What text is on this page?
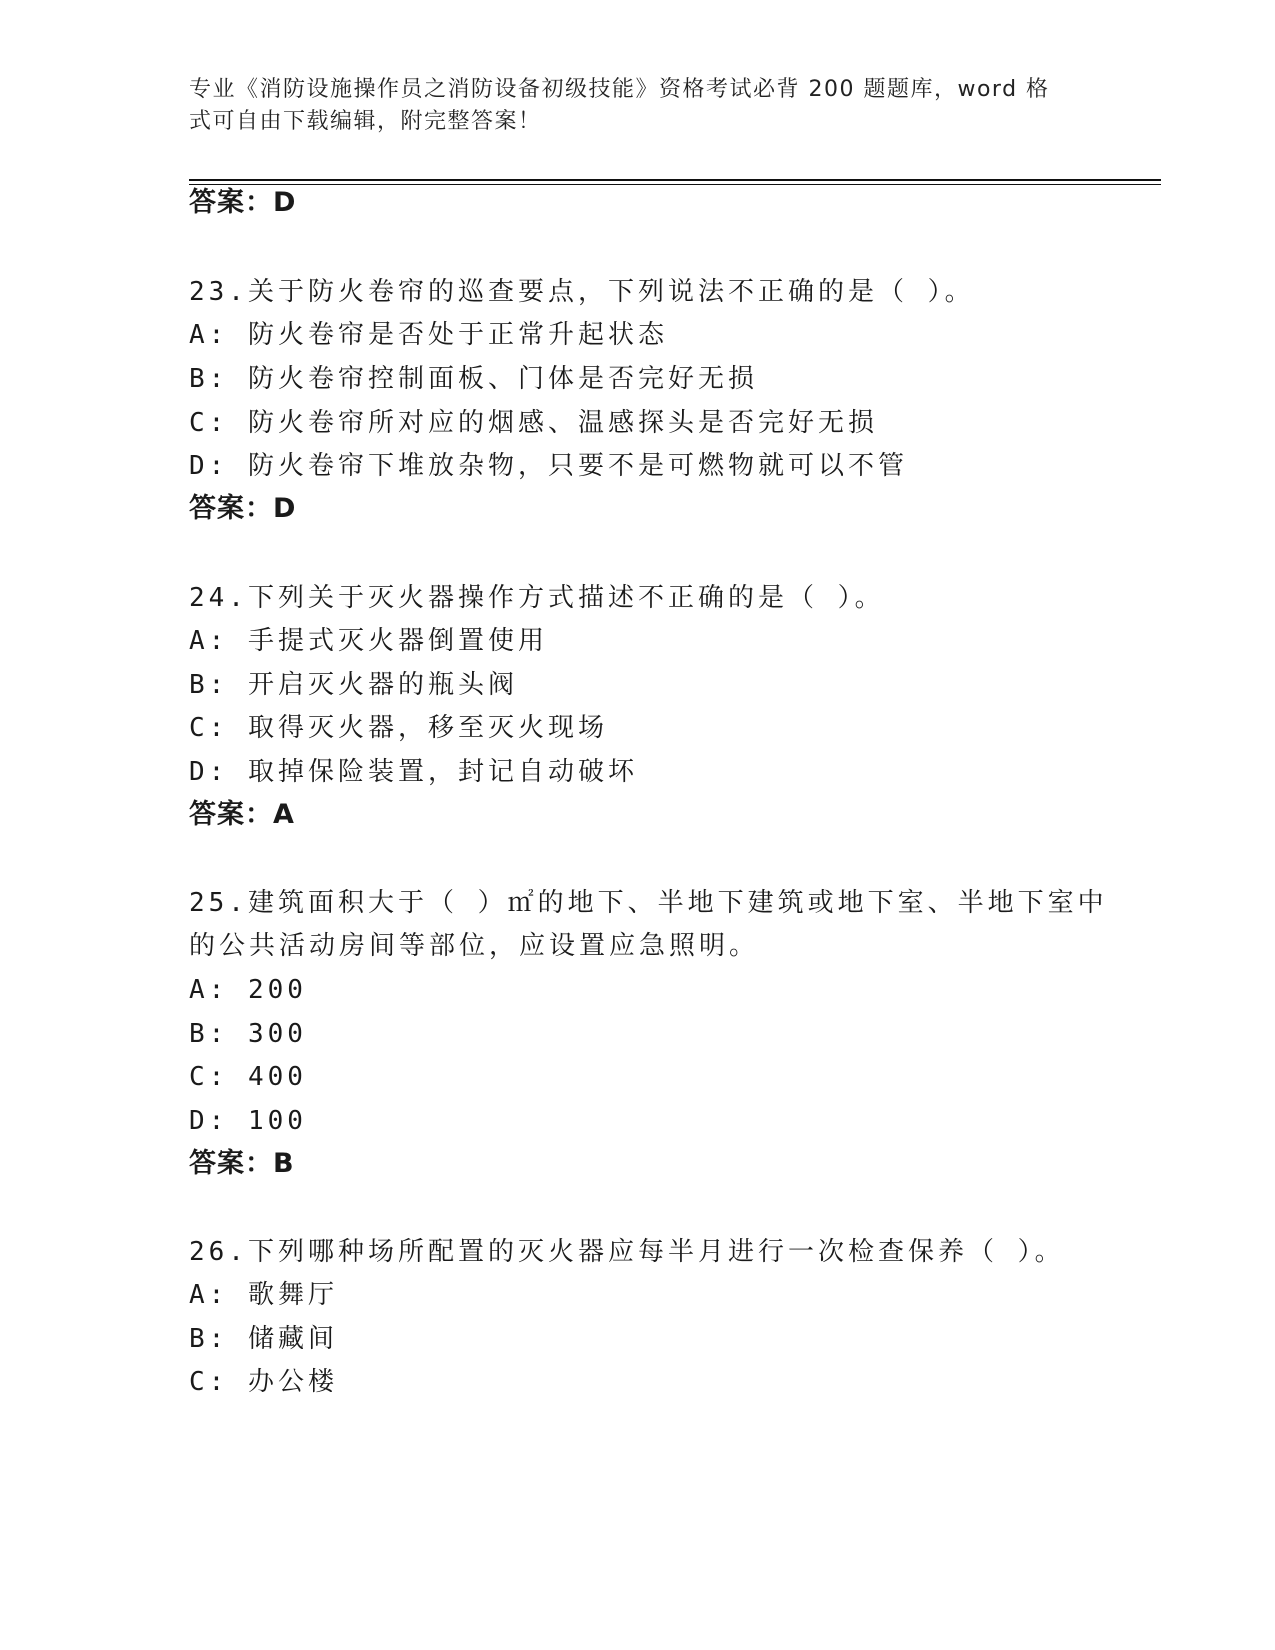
专业《消防设施操作员之消防设备初级技能》资格考试必背 200 题题库，word 格
式可自由下载编辑，附完整答案！
答案：D
23.关于防火卷帘的巡查要点，下列说法不正确的是（ ）。
A: 防火卷帘是否处于正常升起状态
B: 防火卷帘控制面板、门体是否完好无损
C: 防火卷帘所对应的烟感、温感探头是否完好无损
D: 防火卷帘下堆放杂物，只要不是可燃物就可以不管
答案：D
24.下列关于灭火器操作方式描述不正确的是（ ）。
A: 手提式灭火器倒置使用
B: 开启灭火器的瓶头阀
C: 取得灭火器，移至灭火现场
D: 取掉保险装置，封记自动破坏
答案：A
25.建筑面积大于（ ）㎡的地下、半地下建筑或地下室、半地下室中
的公共活动房间等部位，应设置应急照明。
A: 200
B: 300
C: 400
D: 100
答案：B
26.下列哪种场所配置的灭火器应每半月进行一次检查保养（ ）。
A: 歌舞厅
B: 储藏间
C: 办公楼
